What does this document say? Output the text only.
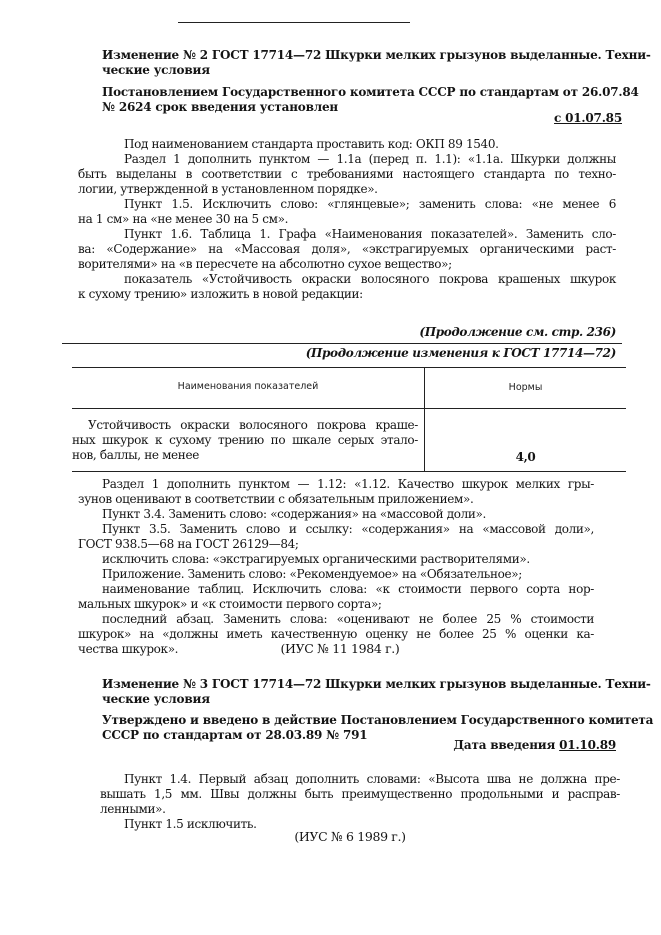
Изменение № 2 ГОСТ 17714—72 Шкурки мелких грызунов выделанные. Техни-
ческие условия
Постановлением Государственного комитета СССР по стандартам от 26.07.84
№ 2624 срок введения установлен
с 01.07.85
Под наименованием стандарта проставить код: ОКП 89 1540.
Раздел 1 дополнить пунктом — 1.1а (перед п. 1.1): «1.1а. Шкурки должны
быть выделаны в соответствии с требованиями настоящего стандарта по техно-
логии, утвержденной в установленном порядке».
Пункт 1.5. Исключить слово: «глянцевые»; заменить слова: «не менее 6
на 1 см» на «не менее 30 на 5 см».
Пункт 1.6. Таблица 1. Графа «Наименования показателей». Заменить сло-
ва: «Содержание» на «Массовая доля», «экстрагируемых органическими раст-
ворителями» на «в пересчете на абсолютно сухое вещество»;
показатель «Устойчивость окраски волосяного покрова крашеных шкурок
к сухому трению» изложить в новой редакции:
(Продолжение см. стр. 236)
(Продолжение изменения к ГОСТ 17714—72)
Наименования показателей	Нормы
Устойчивость окраски волосяного покрова краше-
ных шкурок к сухому трению по шкале серых этало-
нов, баллы, не менее	4,0
Раздел 1 дополнить пунктом — 1.12: «1.12. Качество шкурок мелких гры-
зунов оценивают в соответствии с обязательным приложением».
Пункт 3.4. Заменить слово: «содержания» на «массовой доли».
Пункт 3.5. Заменить слово и ссылку: «содержания» на «массовой доли»,
ГОСТ 938.5—68 на ГОСТ 26129—84;
исключить слова: «экстрагируемых органическими растворителями».
Приложение. Заменить слово: «Рекомендуемое» на «Обязательное»;
наименование таблиц. Исключить слова: «к стоимости первого сорта нор-
мальных шкурок» и «к стоимости первого сорта»;
последний абзац. Заменить слова: «оценивают не более 25 % стоимости
шкурок» на «должны иметь качественную оценку не более 25 % оценки ка-
чества шкурок».	(ИУС № 11 1984 г.)
Изменение № 3 ГОСТ 17714—72 Шкурки мелких грызунов выделанные. Техни-
ческие условия
Утверждено и введено в действие Постановлением Государственного комитета
СССР по стандартам от 28.03.89 № 791
Дата введения 01.10.89
Пункт 1.4. Первый абзац дополнить словами: «Высота шва не должна пре-
вышать 1,5 мм. Швы должны быть преимущественно продольными и расправ-
ленными».
Пункт 1.5 исключить.
(ИУС № 6 1989 г.)
